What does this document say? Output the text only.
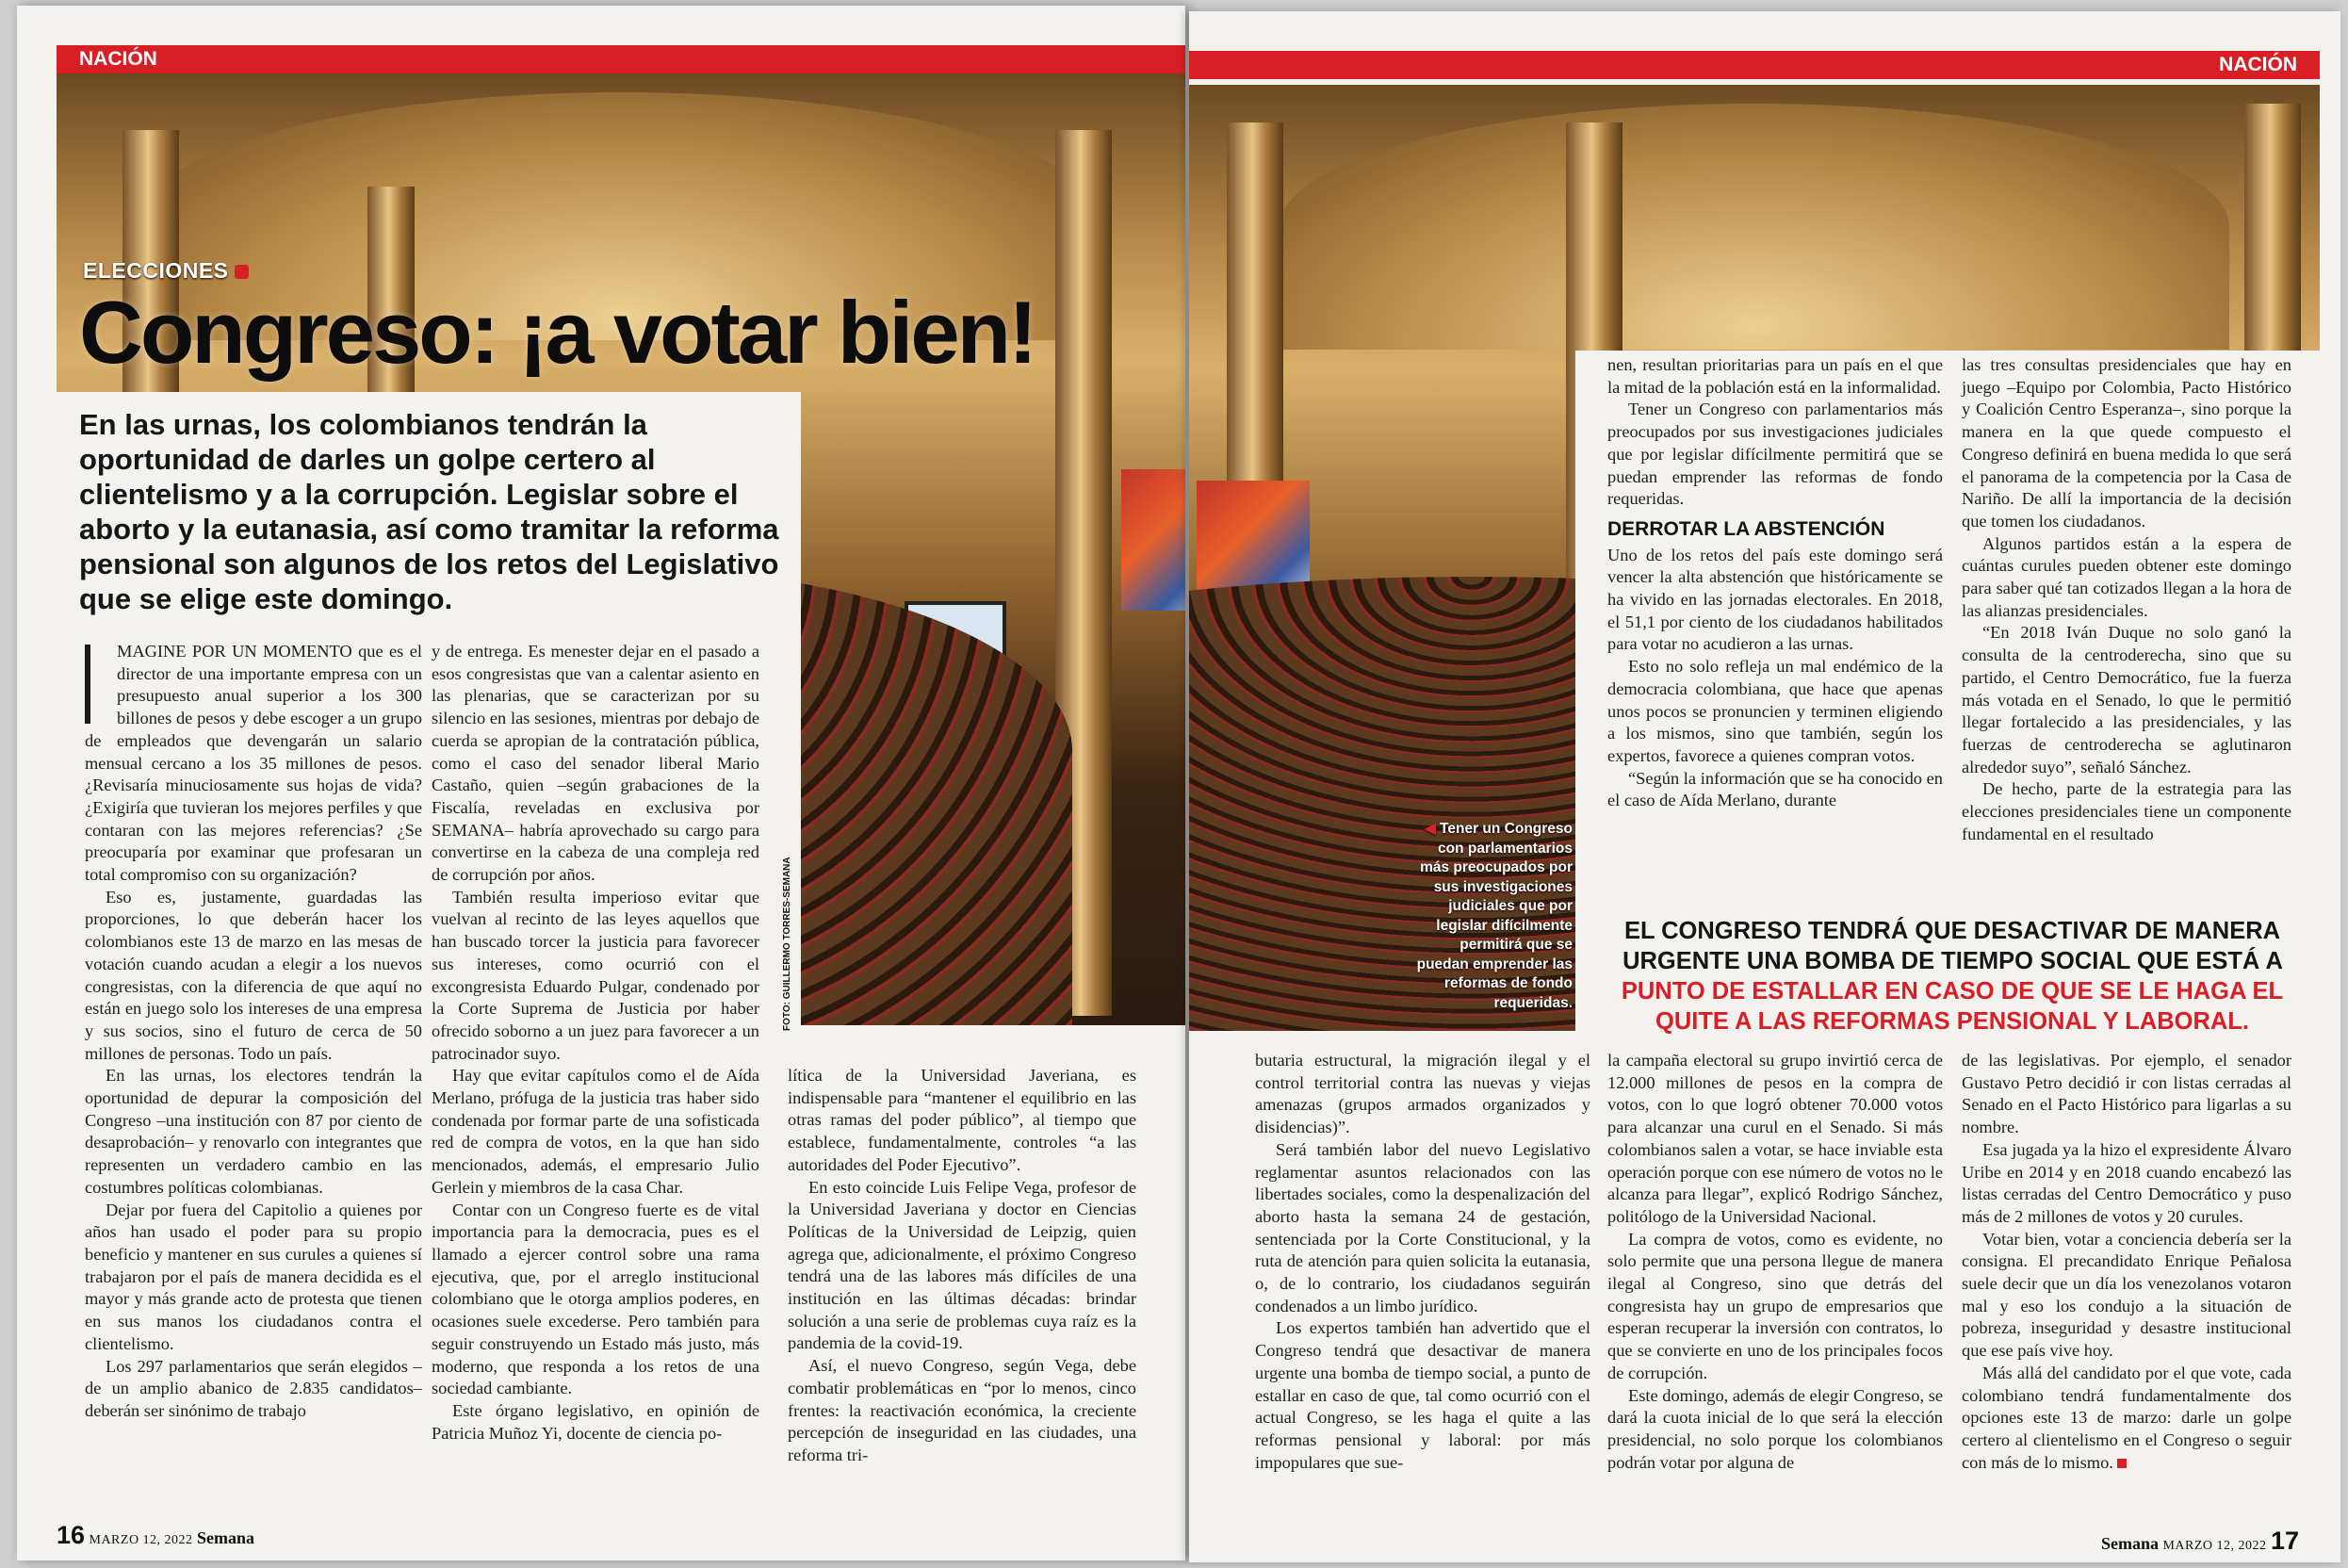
NACIÓN
ELECCIONES
Congreso: ¡a votar bien!
En las urnas, los colombianos tendrán la oportunidad de darles un golpe certero al clientelismo y a la corrupción. Legislar sobre el aborto y la eutanasia, así como tramitar la reforma pensional son algunos de los retos del Legislativo que se elige este domingo.

MAGINE POR UN MOMENTO que es el director de una importante empresa con un presupuesto anual superior a los 300 billones de pesos y debe escoger a un grupo de empleados que devengarán un salario mensual cercano a los 35 millones de pesos. ¿Revisaría minuciosamente sus hojas de vida? ¿Exigiría que tuvieran los mejores perfiles y que contaran con las mejores referencias? ¿Se preocuparía por examinar que profesaran un total compromiso con su organización?

Eso es, justamente, guardadas las proporciones, lo que deberán hacer los colombianos este 13 de marzo en las mesas de votación cuando acudan a elegir a los nuevos congresistas, con la diferencia de que aquí no están en juego solo los intereses de una empresa y sus socios, sino el futuro de cerca de 50 millones de personas. Todo un país.

En las urnas, los electores tendrán la oportunidad de depurar la composición del Congreso –una institución con 87 por ciento de desaprobación– y renovarlo con integrantes que representen un verdadero cambio en las costumbres políticas colombianas.

Dejar por fuera del Capitolio a quienes por años han usado el poder para su propio beneficio y mantener en sus curules a quienes sí trabajaron por el país de manera decidida es el mayor y más grande acto de protesta que tienen en sus manos los ciudadanos contra el clientelismo.

Los 297 parlamentarios que serán elegidos –de un amplio abanico de 2.835 candidatos– deberán ser sinónimo de trabajo

y de entrega. Es menester dejar en el pasado a esos congresistas que van a calentar asiento en las plenarias, que se caracterizan por su silencio en las sesiones, mientras por debajo de cuerda se apropian de la contratación pública, como el caso del senador liberal Mario Castaño, quien –según grabaciones de la Fiscalía, reveladas en exclusiva por SEMANA– habría aprovechado su cargo para convertirse en la cabeza de una compleja red de corrupción por años.

También resulta imperioso evitar que vuelvan al recinto de las leyes aquellos que han buscado torcer la justicia para favorecer sus intereses, como ocurrió con el excongresista Eduardo Pulgar, condenado por la Corte Suprema de Justicia por haber ofrecido soborno a un juez para favorecer a un patrocinador suyo.

Hay que evitar capítulos como el de Aída Merlano, prófuga de la justicia tras haber sido condenada por formar parte de una sofisticada red de compra de votos, en la que han sido mencionados, además, el empresario Julio Gerlein y miembros de la casa Char.

Contar con un Congreso fuerte es de vital importancia para la democracia, pues es el llamado a ejercer control sobre una rama ejecutiva, que, por el arreglo institucional colombiano que le otorga amplios poderes, en ocasiones suele excederse. Pero también para seguir construyendo un Estado más justo, más moderno, que responda a los retos de una sociedad cambiante.

Este órgano legislativo, en opinión de Patricia Muñoz Yi, docente de ciencia po-

lítica de la Universidad Javeriana, es indispensable para “mantener el equilibrio en las otras ramas del poder público”, al tiempo que establece, fundamentalmente, controles “a las autoridades del Poder Ejecutivo”.

En esto coincide Luis Felipe Vega, profesor de la Universidad Javeriana y doctor en Ciencias Políticas de la Universidad de Leipzig, quien agrega que, adicionalmente, el próximo Congreso tendrá una de las labores más difíciles de una institución en las últimas décadas: brindar solución a una serie de problemas cuya raíz es la pandemia de la covid-19.

Así, el nuevo Congreso, según Vega, debe combatir problemáticas en “por lo menos, cinco frentes: la reactivación económica, la creciente percepción de inseguridad en las ciudades, una reforma tri-

FOTO: GUILLERMO TORRES-SEMANA
16 MARZO 12, 2022 Semana
NACIÓN

nen, resultan prioritarias para un país en el que la mitad de la población está en la informalidad.

Tener un Congreso con parlamentarios más preocupados por sus investigaciones judiciales que por legislar difícilmente permitirá que se puedan emprender las reformas de fondo requeridas.

DERROTAR LA ABSTENCIÓN

Uno de los retos del país este domingo será vencer la alta abstención que históricamente se ha vivido en las jornadas electorales. En 2018, el 51,1 por ciento de los ciudadanos habilitados para votar no acudieron a las urnas.

Esto no solo refleja un mal endémico de la democracia colombiana, que hace que apenas unos pocos se pronuncien y terminen eligiendo a los mismos, sino que también, según los expertos, favorece a quienes compran votos.

“Según la información que se ha conocido en el caso de Aída Merlano, durante

las tres consultas presidenciales que hay en juego –Equipo por Colombia, Pacto Histórico y Coalición Centro Esperanza–, sino porque la manera en la que quede compuesto el Congreso definirá en buena medida lo que será el panorama de la competencia por la Casa de Nariño. De allí la importancia de la decisión que tomen los ciudadanos.

Algunos partidos están a la espera de cuántas curules pueden obtener este domingo para saber qué tan cotizados llegan a la hora de las alianzas presidenciales.

“En 2018 Iván Duque no solo ganó la consulta de la centroderecha, sino que su partido, el Centro Democrático, fue la fuerza más votada en el Senado, lo que le permitió llegar fortalecido a las presidenciales, y las fuerzas de centroderecha se aglutinaron alrededor suyo”, señaló Sánchez.

De hecho, parte de la estrategia para las elecciones presidenciales tiene un componente fundamental en el resultado

butaria estructural, la migración ilegal y el control territorial contra las nuevas y viejas amenazas (grupos armados organizados y disidencias)”.

Será también labor del nuevo Legislativo reglamentar asuntos relacionados con las libertades sociales, como la despenalización del aborto hasta la semana 24 de gestación, sentenciada por la Corte Constitucional, y la ruta de atención para quien solicita la eutanasia, o, de lo contrario, los ciudadanos seguirán condenados a un limbo jurídico.

Los expertos también han advertido que el Congreso tendrá que desactivar de manera urgente una bomba de tiempo social, a punto de estallar en caso de que, tal como ocurrió con el actual Congreso, se les haga el quite a las reformas pensional y laboral: por más impopulares que sue-

la campaña electoral su grupo invirtió cerca de 12.000 millones de pesos en la compra de votos, con lo que logró obtener 70.000 votos para alcanzar una curul en el Senado. Si más colombianos salen a votar, se hace inviable esta operación porque con ese número de votos no le alcanza para llegar”, explicó Rodrigo Sánchez, politólogo de la Universidad Nacional.

La compra de votos, como es evidente, no solo permite que una persona llegue de manera ilegal al Congreso, sino que detrás del congresista hay un grupo de empresarios que esperan recuperar la inversión con contratos, lo que se convierte en uno de los principales focos de corrupción.

Este domingo, además de elegir Congreso, se dará la cuota inicial de lo que será la elección presidencial, no solo porque los colombianos podrán votar por alguna de

de las legislativas. Por ejemplo, el senador Gustavo Petro decidió ir con listas cerradas al Senado en el Pacto Histórico para ligarlas a su nombre.

Esa jugada ya la hizo el expresidente Álvaro Uribe en 2014 y en 2018 cuando encabezó las listas cerradas del Centro Democrático y puso más de 2 millones de votos y 20 curules.

Votar bien, votar a conciencia debería ser la consigna. El precandidato Enrique Peñalosa suele decir que un día los venezolanos votaron mal y eso los condujo a la situación de pobreza, inseguridad y desastre institucional que ese país vive hoy.

Más allá del candidato por el que vote, cada colombiano tendrá fundamentalmente dos opciones este 13 de marzo: darle un golpe certero al clientelismo en el Congreso o seguir con más de lo mismo.

Semana MARZO 12, 2022 17
◀ Tener un Congreso con parlamentarios más preocupados por sus investigaciones judiciales que por legislar difícilmente permitirá que se puedan emprender las reformas de fondo requeridas.
EL CONGRESO TENDRÁ QUE DESACTIVAR DE MANERA URGENTE UNA BOMBA DE TIEMPO SOCIAL QUE ESTÁ A PUNTO DE ESTALLAR EN CASO DE QUE SE LE HAGA EL QUITE A LAS REFORMAS PENSIONAL Y LABORAL.
